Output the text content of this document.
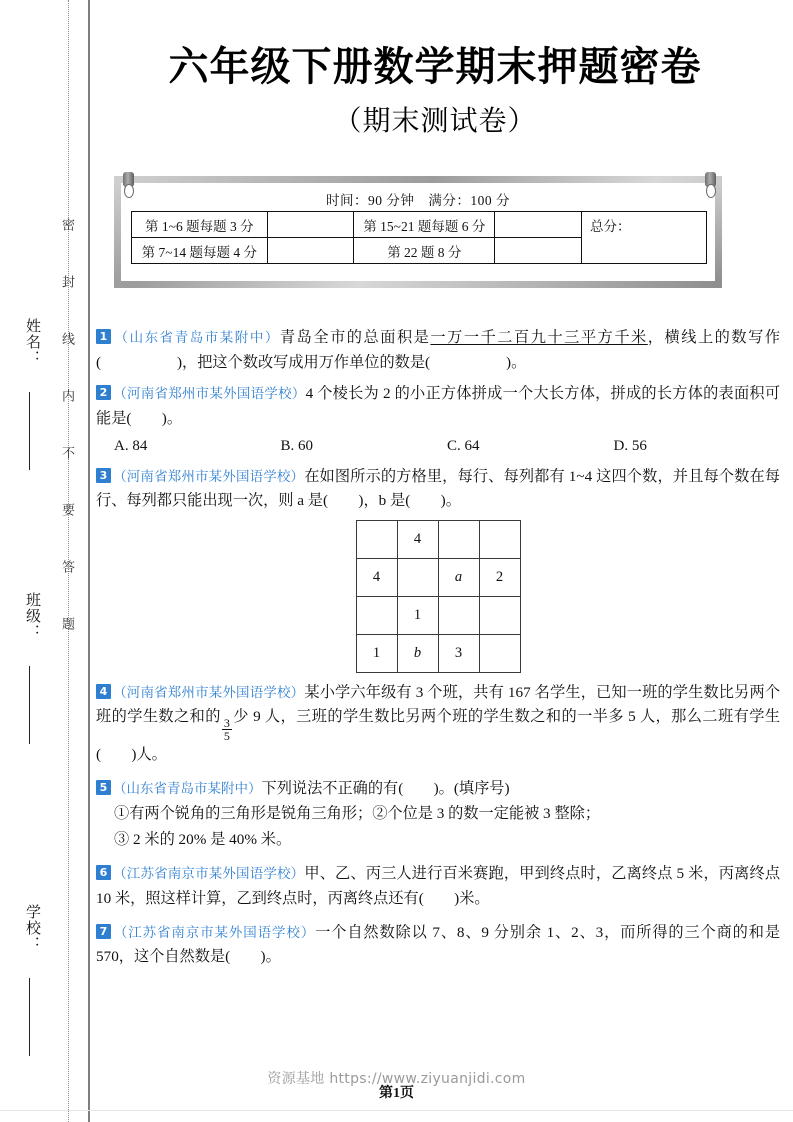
密封线内不要答题
姓名：
班级：
学校：
六年级下册数学期末押题密卷
（期末测试卷）
时间：90 分钟　满分：100 分
第 1~6 题每题 3 分		第 15~21 题每题 6 分		总分：
第 7~14 题每题 4 分		第 22 题 8 分		
1 （山东省青岛市某附中）青岛全市的总面积是一万一千二百九十三平方千米，横线上的数写作(　　　　　)，把这个数改写成用万作单位的数是(　　　　　)。
2 （河南省郑州市某外国语学校）4 个棱长为 2 的小正方体拼成一个大长方体，拼成的长方体的表面积可能是(　　)。
A. 84	B. 60	C. 64	D. 56
3 （河南省郑州市某外国语学校）在如图所示的方格里，每行、每列都有 1~4 这四个数，并且每个数在每行、每列都只能出现一次，则 a 是(　　)，b 是(　　)。
	4		
4		a	2
	1		
1	b	3	
4 （河南省郑州市某外国语学校）某小学六年级有 3 个班，共有 167 名学生，已知一班的学生数比另两个班的学生数之和的 $\frac{3}{5}$ 少 9 人，三班的学生数比另两个班的学生数之和的一半多 5 人，那么二班有学生(　　)人。
5 （山东省青岛市某附中）下列说法不正确的有(　　)。(填序号)
①有两个锐角的三角形是锐角三角形；②个位是 3 的数一定能被 3 整除；
③ 2 米的 20% 是 40% 米。
6 （江苏省南京市某外国语学校）甲、乙、丙三人进行百米赛跑，甲到终点时，乙离终点 5 米，丙离终点 10 米，照这样计算，乙到终点时，丙离终点还有(　　)米。
7 （江苏省南京市某外国语学校）一个自然数除以 7、8、9 分别余 1、2、3，而所得的三个商的和是 570，这个自然数是(　　)。
资源基地 https://www.ziyuanjidi.com
第1页
